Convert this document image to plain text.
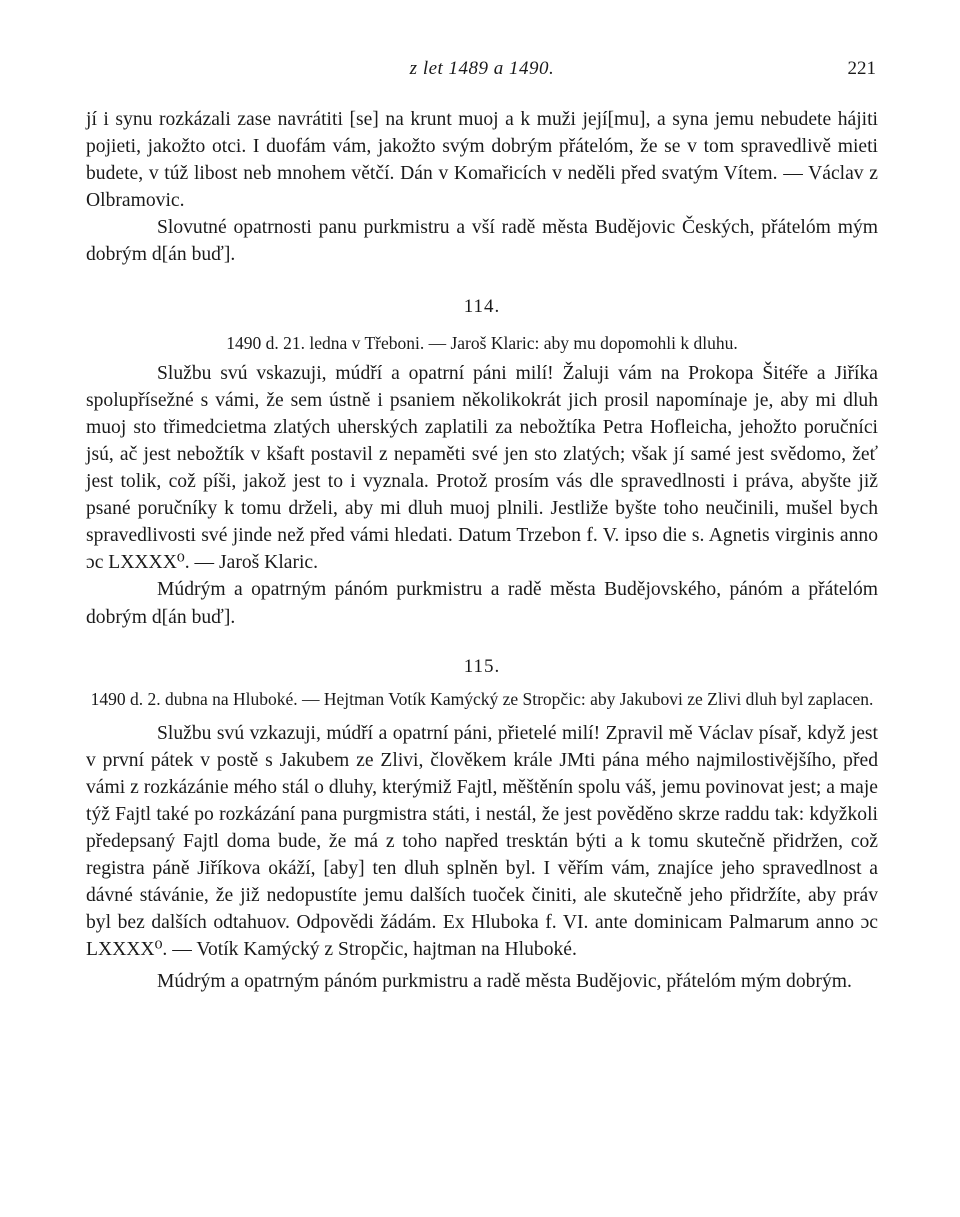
z let 1489 a 1490.	221

jí i synu rozkázali zase navrátiti [se] na krunt muoj a k muži její[mu], a syna jemu nebudete hájiti pojieti, jakožto otci. I duofám vám, jakožto svým dobrým přátelóm, že se v tom spravedlivě mieti budete, v túž libost neb mnohem větčí. Dán v Komařicích v neděli před svatým Vítem. — Václav z Olbramovic.

Slovutné opatrnosti panu purkmistru a vší radě města Budějovic Českých, přátelóm mým dobrým d[án buď].

114.

1490 d. 21. ledna v Třeboni. — Jaroš Klaric: aby mu dopomohli k dluhu.

Službu svú vskazuji, múdří a opatrní páni milí! Žaluji vám na Prokopa Šitéře a Jiříka spolupřísežné s vámi, že sem ústně i psaniem několikokrát jich prosil napomínaje je, aby mi dluh muoj sto třimedcietma zlatých uherských zaplatili za nebožtíka Petra Hofleicha, jehožto poručníci jsú, ač jest nebožtík v kšaft postavil z nepaměti své jen sto zlatých; však jí samé jest svědomo, žeť jest tolik, což píši, jakož jest to i vyznala. Protož prosím vás dle spravedlnosti i práva, abyšte již psané poručníky k tomu drželi, aby mi dluh muoj plnili. Jestliže byšte toho neučinili, mušel bych spravedlivosti své jinde než před vámi hledati. Datum Trzebon f. V. ipso die s. Agnetis virginis anno ɔc LXXXX⁰. — Jaroš Klaric.

Múdrým a opatrným pánóm purkmistru a radě města Budějovského, pánóm a přátelóm dobrým d[án buď].

115.

1490 d. 2. dubna na Hluboké. — Hejtman Votík Kamýcký ze Stropčic: aby Jakubovi ze Zlivi dluh byl zaplacen.

Službu svú vzkazuji, múdří a opatrní páni, přietelé milí! Zpravil mě Václav písař, když jest v první pátek v postě s Jakubem ze Zlivi, člověkem krále JMti pána mého najmilostivějšího, před vámi z rozkázánie mého stál o dluhy, kterýmiž Fajtl, měštěnín spolu váš, jemu povinovat jest; a maje týž Fajtl také po rozkázání pana purgmistra státi, i nestál, že jest pověděno skrze raddu tak: kdyžkoli předepsaný Fajtl doma bude, že má z toho napřed tresktán býti a k tomu skutečně přidržen, což registra páně Jiříkova okáží, [aby] ten dluh splněn byl. I věřím vám, znajíce jeho spravedlnost a dávné stávánie, že již nedopustíte jemu dalších tuoček činiti, ale skutečně jeho přidržíte, aby práv byl bez dalších odtahuov. Odpovědi žádám. Ex Hluboka f. VI. ante dominicam Palmarum anno ɔc LXXXX⁰. — Votík Kamýcký z Stropčic, hajtman na Hluboké.

Múdrým a opatrným pánóm purkmistru a radě města Budějovic, přátelóm mým dobrým.
